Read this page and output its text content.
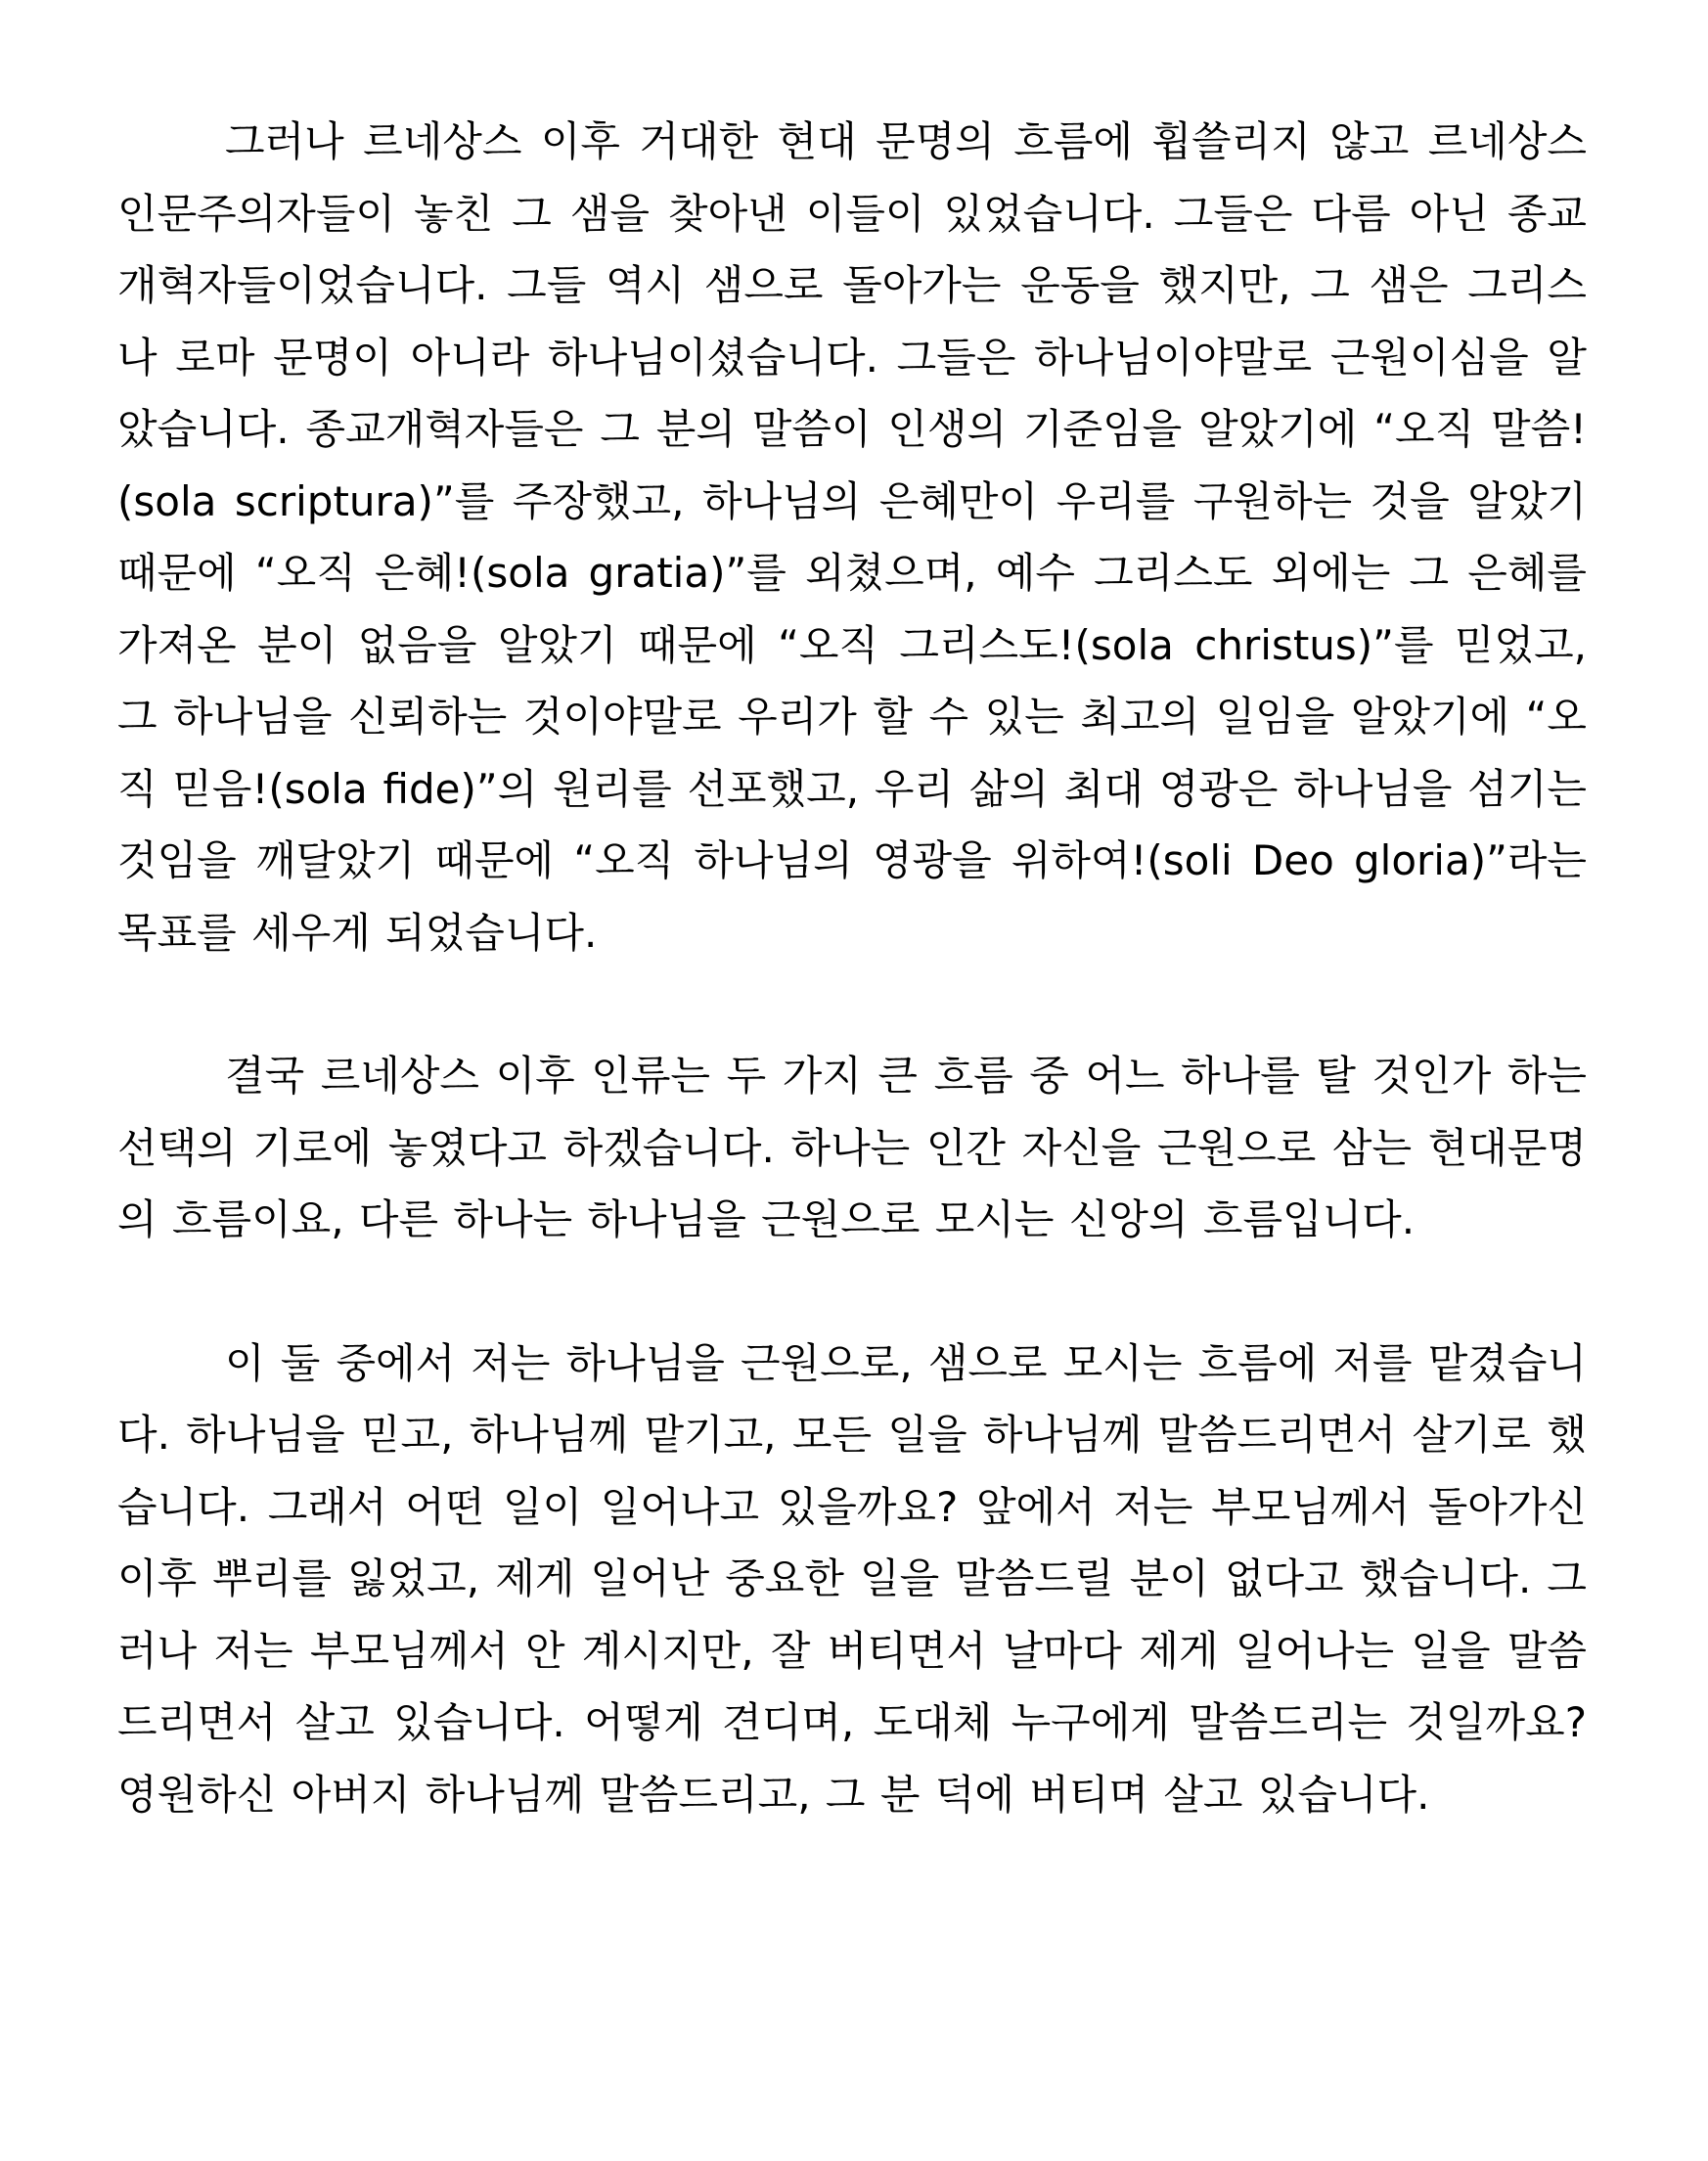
그러나 르네상스 이후 거대한 현대 문명의 흐름에 휩쓸리지 않고 르네상스 인문주의자들이 놓친 그 샘을 찾아낸 이들이 있었습니다. 그들은 다름 아닌 종교개혁자들이었습니다. 그들 역시 샘으로 돌아가는 운동을 했지만, 그 샘은 그리스나 로마 문명이 아니라 하나님이셨습니다. 그들은 하나님이야말로 근원이심을 알았습니다. 종교개혁자들은 그 분의 말씀이 인생의 기준임을 알았기에 “오직 말씀!(sola scriptura)”를 주장했고, 하나님의 은혜만이 우리를 구원하는 것을 알았기 때문에 “오직 은혜!(sola gratia)”를 외쳤으며, 예수 그리스도 외에는 그 은혜를 가져온 분이 없음을 알았기 때문에 “오직 그리스도!(sola christus)”를 믿었고, 그 하나님을 신뢰하는 것이야말로 우리가 할 수 있는 최고의 일임을 알았기에 “오직 믿음!(sola fide)”의 원리를 선포했고, 우리 삶의 최대 영광은 하나님을 섬기는 것임을 깨달았기 때문에 “오직 하나님의 영광을 위하여!(soli Deo gloria)”라는 목표를 세우게 되었습니다.

결국 르네상스 이후 인류는 두 가지 큰 흐름 중 어느 하나를 탈 것인가 하는 선택의 기로에 놓였다고 하겠습니다. 하나는 인간 자신을 근원으로 삼는 현대문명의 흐름이요, 다른 하나는 하나님을 근원으로 모시는 신앙의 흐름입니다.

이 둘 중에서 저는 하나님을 근원으로, 샘으로 모시는 흐름에 저를 맡겼습니다. 하나님을 믿고, 하나님께 맡기고, 모든 일을 하나님께 말씀드리면서 살기로 했습니다. 그래서 어떤 일이 일어나고 있을까요? 앞에서 저는 부모님께서 돌아가신 이후 뿌리를 잃었고, 제게 일어난 중요한 일을 말씀드릴 분이 없다고 했습니다. 그러나 저는 부모님께서 안 계시지만, 잘 버티면서 날마다 제게 일어나는 일을 말씀드리면서 살고 있습니다. 어떻게 견디며, 도대체 누구에게 말씀드리는 것일까요? 영원하신 아버지 하나님께 말씀드리고, 그 분 덕에 버티며 살고 있습니다.
